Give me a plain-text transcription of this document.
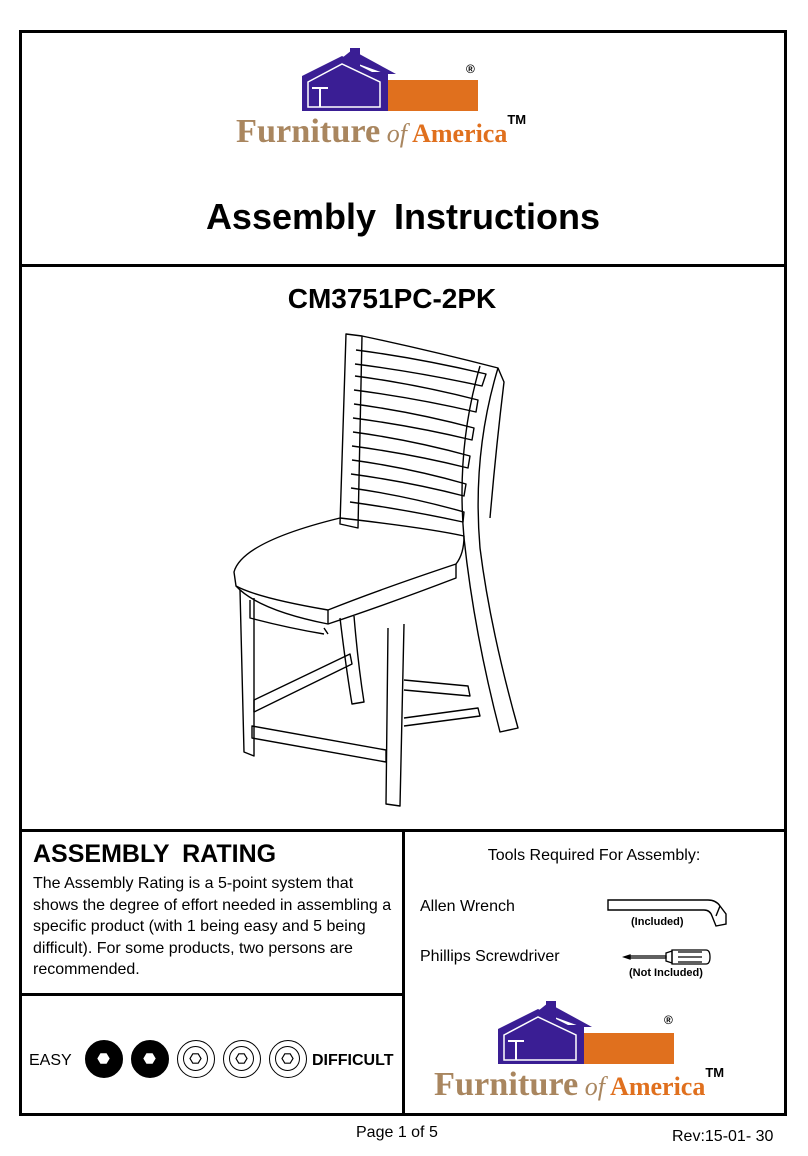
®
Furniture of America™
Assembly Instructions
CM3751PC-2PK
ASSEMBLY RATING
The Assembly Rating is a 5-point system that shows the degree of effort needed in assembling a specific product (with 1 being easy and 5 being difficult). For some products, two persons are recommended.
Tools Required For Assembly:
Allen Wrench
(Included)
Phillips Screwdriver
(Not Included)
EASY	DIFFICULT
®
Furniture of America™
Page 1 of 5	Rev:15-01- 30
